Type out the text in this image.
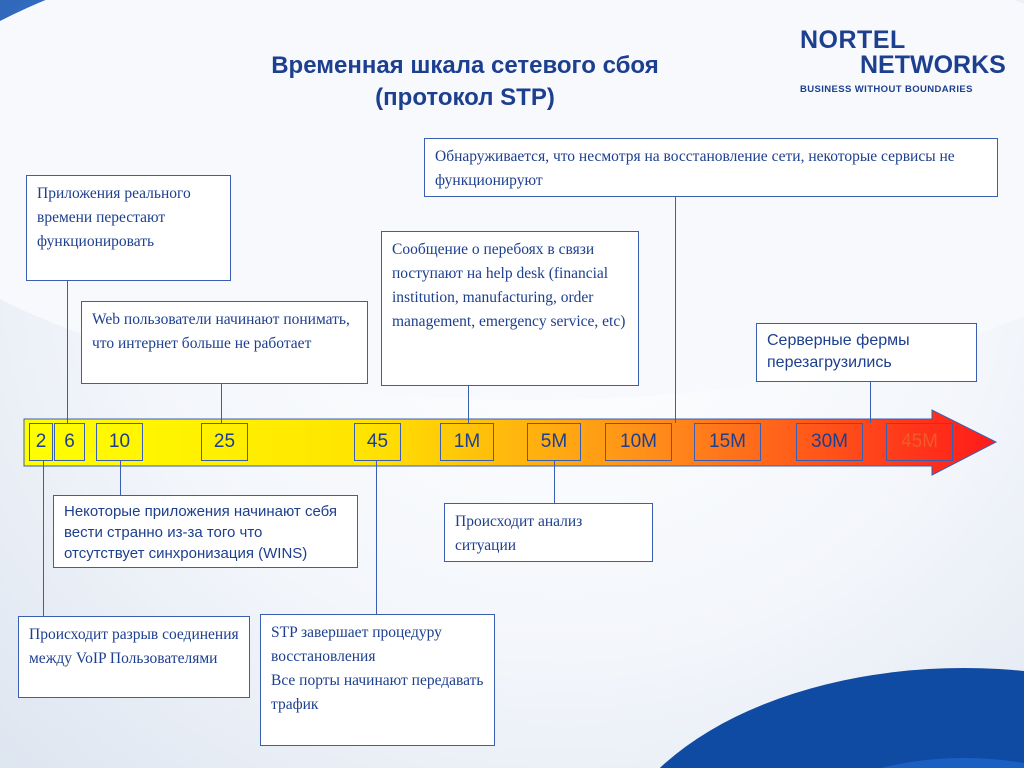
Временная шкала сетевого сбоя
(протокол STP)
NORTEL
NETWORKS
BUSINESS WITHOUT BOUNDARIES
2 6	10	25	45	1M	5M	10M	15M	30M	45M
Приложения реального времени перестают функционировать
Web пользователи начинают понимать, что интернет больше не работает
Сообщение о перебоях в связи поступают на help desk (financial institution, manufacturing, order management, emergency service, etc)
Обнаруживается, что несмотря на восстановление сети, некоторые сервисы не функционируют
Серверные фермы перезагрузились
Некоторые приложения начинают себя вести странно из-за того что отсутствует синхронизация (WINS)
Происходит анализ ситуации
Происходит разрыв соединения между VoIP Пользователями
STP завершает процедуру восстановления
Все порты начинают передавать трафик
